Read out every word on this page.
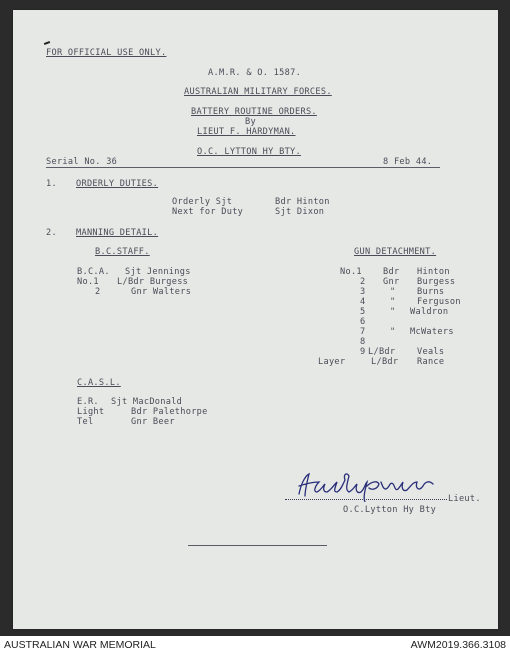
FOR OFFICIAL USE ONLY.
A.M.R. & O. 1587.
AUSTRALIAN MILITARY FORCES.
BATTERY ROUTINE ORDERS.
By
LIEUT F. HARDYMAN.
O.C. LYTTON HY BTY.
Serial No. 36	8 Feb 44.
1. ORDERLY DUTIES.
Orderly Sjt	Bdr Hinton
Next for Duty	Sjt Dixon
2. MANNING DETAIL.
B.C.STAFF.
B.C.A. Sjt Jennings
No.1 L/Bdr Burgess
2	Gnr Walters
GUN DETACHMENT.
No.1 Bdr Hinton
2 Gnr Burgess
3	"	Burns
4	"	Ferguson
5	" Waldron
6
7	" McWaters
8
9 L/Bdr	Veals
Layer	L/Bdr Rance
C.A.S.L.
E.R. Sjt MacDonald
Light	Bdr Palethorpe
Tel	Gnr Beer
Lieut.
O.C.Lytton Hy Bty
AUSTRALIAN WAR MEMORIAL	AWM2019.366.3108
